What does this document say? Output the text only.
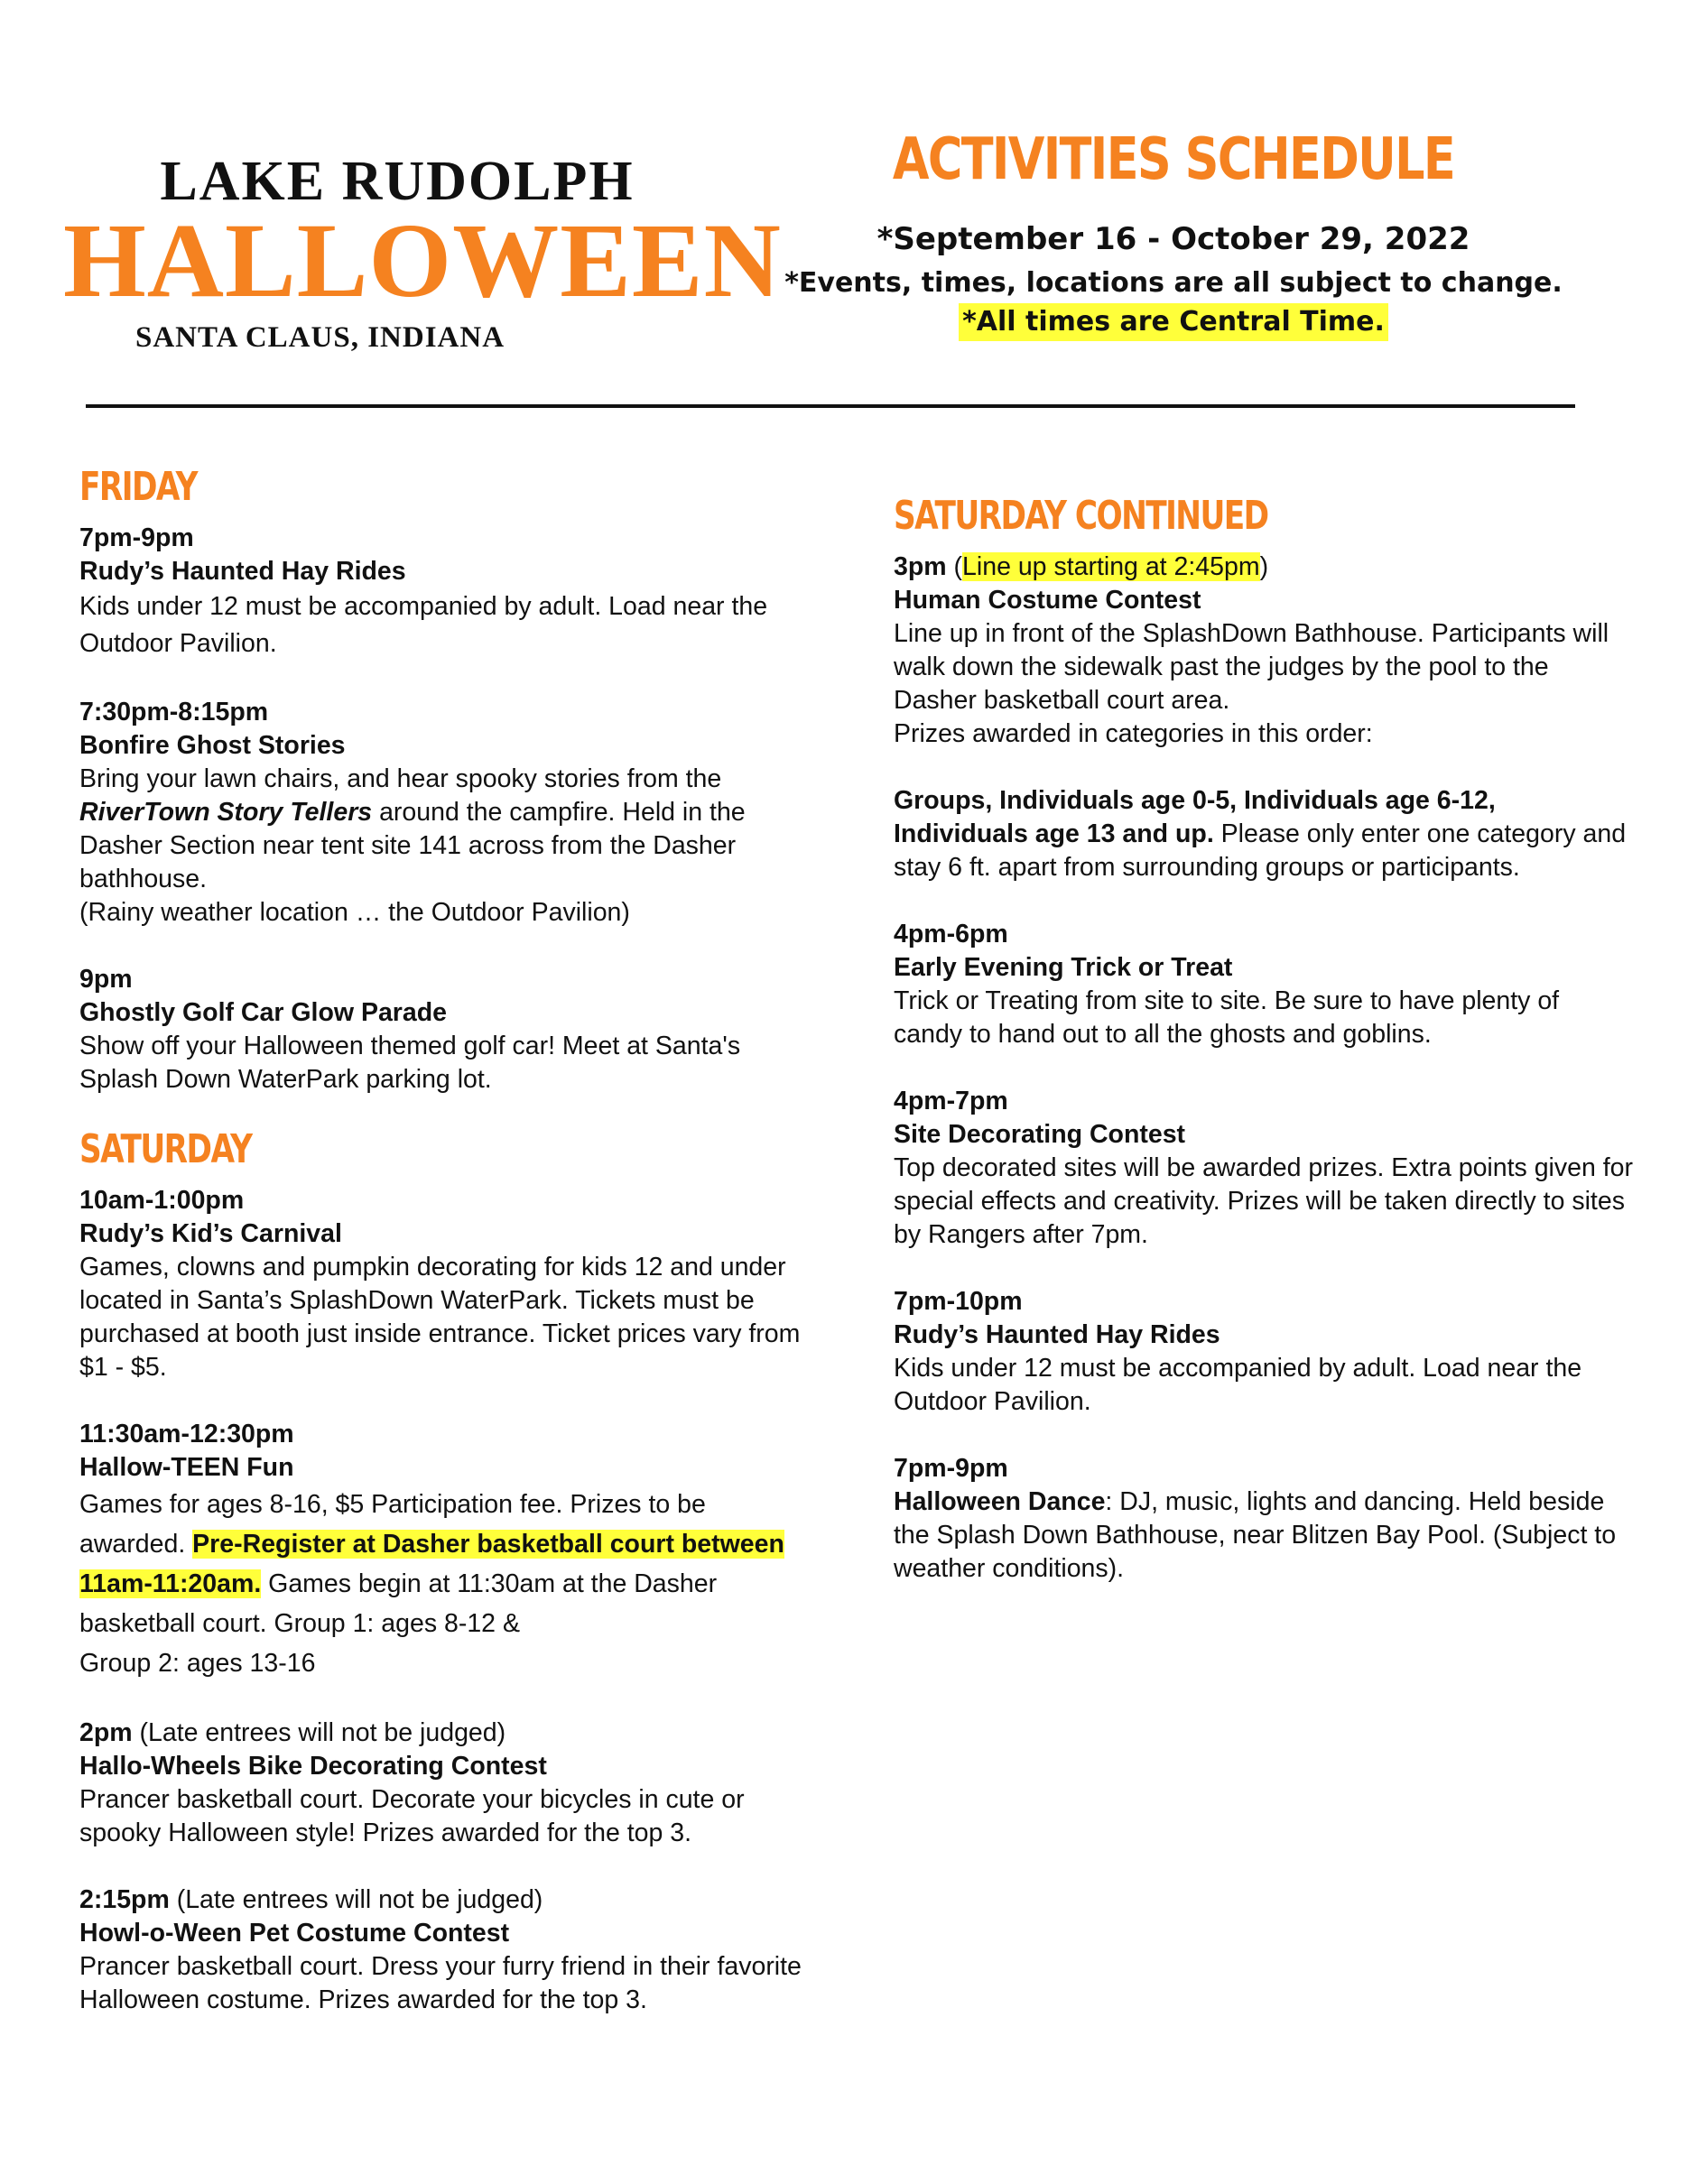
LAKE RUDOLPH
HALLOWEEN
SANTA CLAUS, INDIANA
ACTIVITIES SCHEDULE
*September 16 - October 29, 2022
*Events, times, locations are all subject to change.
*All times are Central Time.
FRIDAY
7pm-9pm
Rudy’s Haunted Hay Rides
Kids under 12 must be accompanied by adult. Load near the Outdoor Pavilion.
7:30pm-8:15pm
Bonfire Ghost Stories
Bring your lawn chairs, and hear spooky stories from the RiverTown Story Tellers around the campfire. Held in the Dasher Section near tent site 141 across from the Dasher bathhouse.
(Rainy weather location … the Outdoor Pavilion)
9pm
Ghostly Golf Car Glow Parade
Show off your Halloween themed golf car! Meet at Santa's Splash Down WaterPark parking lot.
SATURDAY
10am-1:00pm
Rudy’s Kid’s Carnival
Games, clowns and pumpkin decorating for kids 12 and under located in Santa’s SplashDown WaterPark. Tickets must be purchased at booth just inside entrance. Ticket prices vary from $1 - $5.
11:30am-12:30pm
Hallow-TEEN Fun
Games for ages 8-16, $5 Participation fee. Prizes to be awarded. Pre-Register at Dasher basketball court between 11am-11:20am. Games begin at 11:30am at the Dasher basketball court. Group 1: ages 8-12 &
Group 2: ages 13-16
2pm (Late entrees will not be judged)
Hallo-Wheels Bike Decorating Contest
Prancer basketball court. Decorate your bicycles in cute or spooky Halloween style! Prizes awarded for the top 3.
2:15pm (Late entrees will not be judged)
Howl-o-Ween Pet Costume Contest
Prancer basketball court. Dress your furry friend in their favorite Halloween costume. Prizes awarded for the top 3.
SATURDAY CONTINUED
3pm (Line up starting at 2:45pm)
Human Costume Contest
Line up in front of the SplashDown Bathhouse. Participants will walk down the sidewalk past the judges by the pool to the Dasher basketball court area.
Prizes awarded in categories in this order:
Groups, Individuals age 0-5, Individuals age 6-12, Individuals age 13 and up. Please only enter one category and stay 6 ft. apart from surrounding groups or participants.
4pm-6pm
Early Evening Trick or Treat
Trick or Treating from site to site. Be sure to have plenty of candy to hand out to all the ghosts and goblins.
4pm-7pm
Site Decorating Contest
Top decorated sites will be awarded prizes. Extra points given for special effects and creativity. Prizes will be taken directly to sites by Rangers after 7pm.
7pm-10pm
Rudy’s Haunted Hay Rides
Kids under 12 must be accompanied by adult. Load near the Outdoor Pavilion.
7pm-9pm
Halloween Dance: DJ, music, lights and dancing. Held beside the Splash Down Bathhouse, near Blitzen Bay Pool. (Subject to weather conditions).
